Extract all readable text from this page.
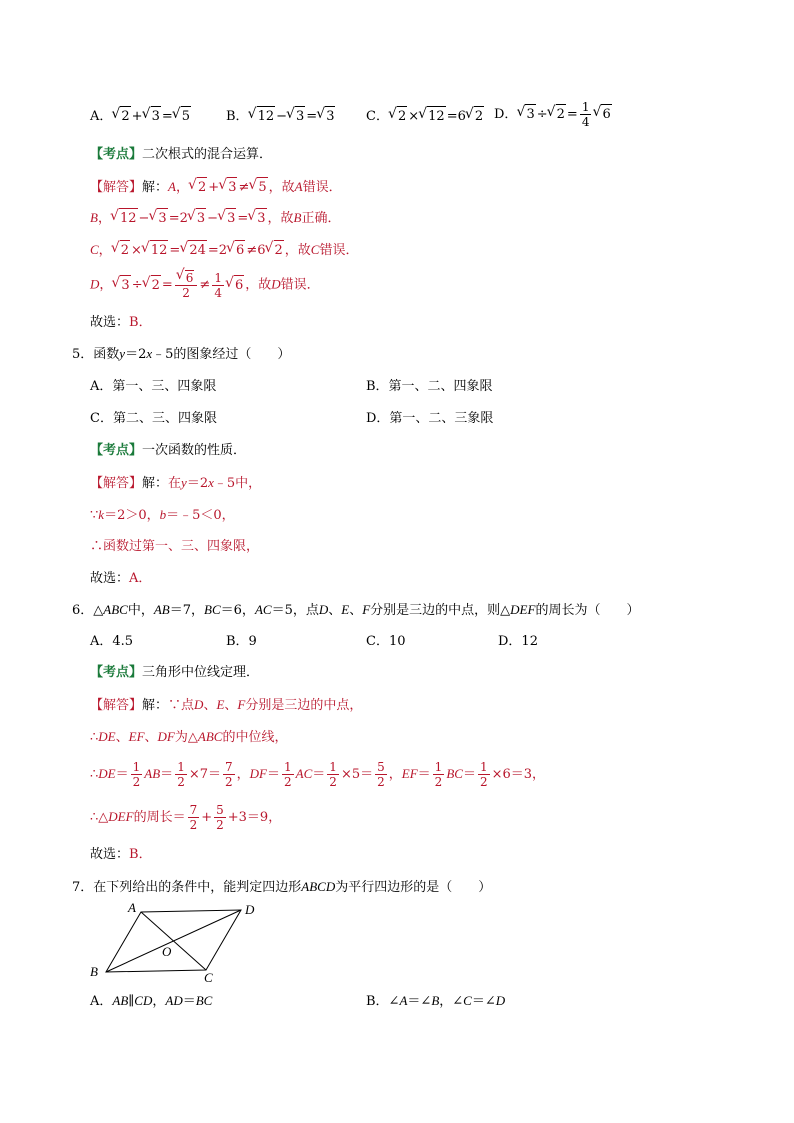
A． √ 2 + √ 3 = √ 5	B． √ 12 − √ 3 = √ 3 C． √ 2 × √ 12 =6 √ 2 D． √ 3 ÷ √ $2 = \frac{1}{4}$ √ 6
【考点】二次根式的混合运算．
【解答】解：A， √ 2 + √ 3 ≠ √ 5 ，故A错误．
B， √ 12 − √ 3 =2 √ 3 − √ 3 = √ 3 ，故B正确．
C， √ 2 × √ 12 = √ 24 =2 √ 6 ≠6 √ 2 ，故C错误．
D， √ 3 ÷ √ 2 = √ $\frac{6}{2} \ne \frac{1}{4}$ √ 6 ，故D错误．
故选：B．
5．函数y＝2x﹣5的图象经过（　　）
A．第一、三、四象限	B．第一、二、四象限
C．第二、三、四象限	D．第一、二、三象限
【考点】一次函数的性质．
【解答】解：在y＝2x﹣5中，
∵k＝2＞0，b＝﹣5＜0，
∴函数过第一、三、四象限，
故选：A．
6．△ABC中，AB＝7，BC＝6，AC＝5，点D、E、F分别是三边的中点，则△DEF的周长为（　　）
A．4.5	B．9	C．10	D．12
【考点】三角形中位线定理．
【解答】解：∵点D、E、F分别是三边的中点，
∴DE、EF、DF为△ABC的中位线，
∴DE＝ $\frac{1}{2} AB= \frac{1}{2} \times 7= \frac{7}{2}$ ，$DF= \frac{1}{2} AC= \frac{1}{2} \times 5= \frac{5}{2}$ ，$EF= \frac{1}{2} BC= \frac{1}{2} \times 6=3$，
∴△DEF的周长＝ $\frac{7}{2} + \frac{5}{2} +3=9$，
故选：B．
7．在下列给出的条件中，能判定四边形ABCD为平行四边形的是（　　）
A	D
B	C
O
A．AB∥CD，AD＝BC	B．∠A＝∠B，∠C＝∠D
